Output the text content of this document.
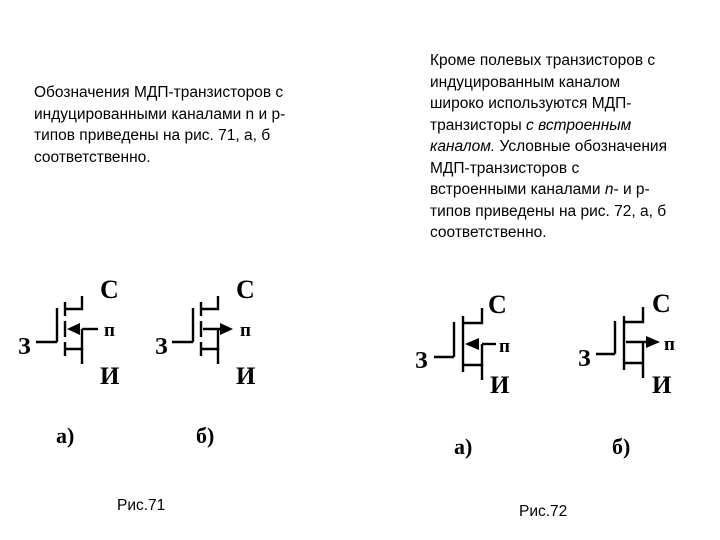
Обозначения МДП-транзисторов с
индуцированными каналами n и p-
типов приведены на рис. 71, а, б
соответственно.
Кроме полевых транзисторов с
индуцированным каналом
широко используются МДП-
транзисторы с встроенным
каналом. Условные обозначения
МДП-транзисторов с
встроенными каналами n- и p-
типов приведены на рис. 72, а, б
соответственно.
С
З
п
И
а)
С
З
п
И
б)
С
З
п
И
а)
С
З
п
И
б)
Рис.71	Рис.72
